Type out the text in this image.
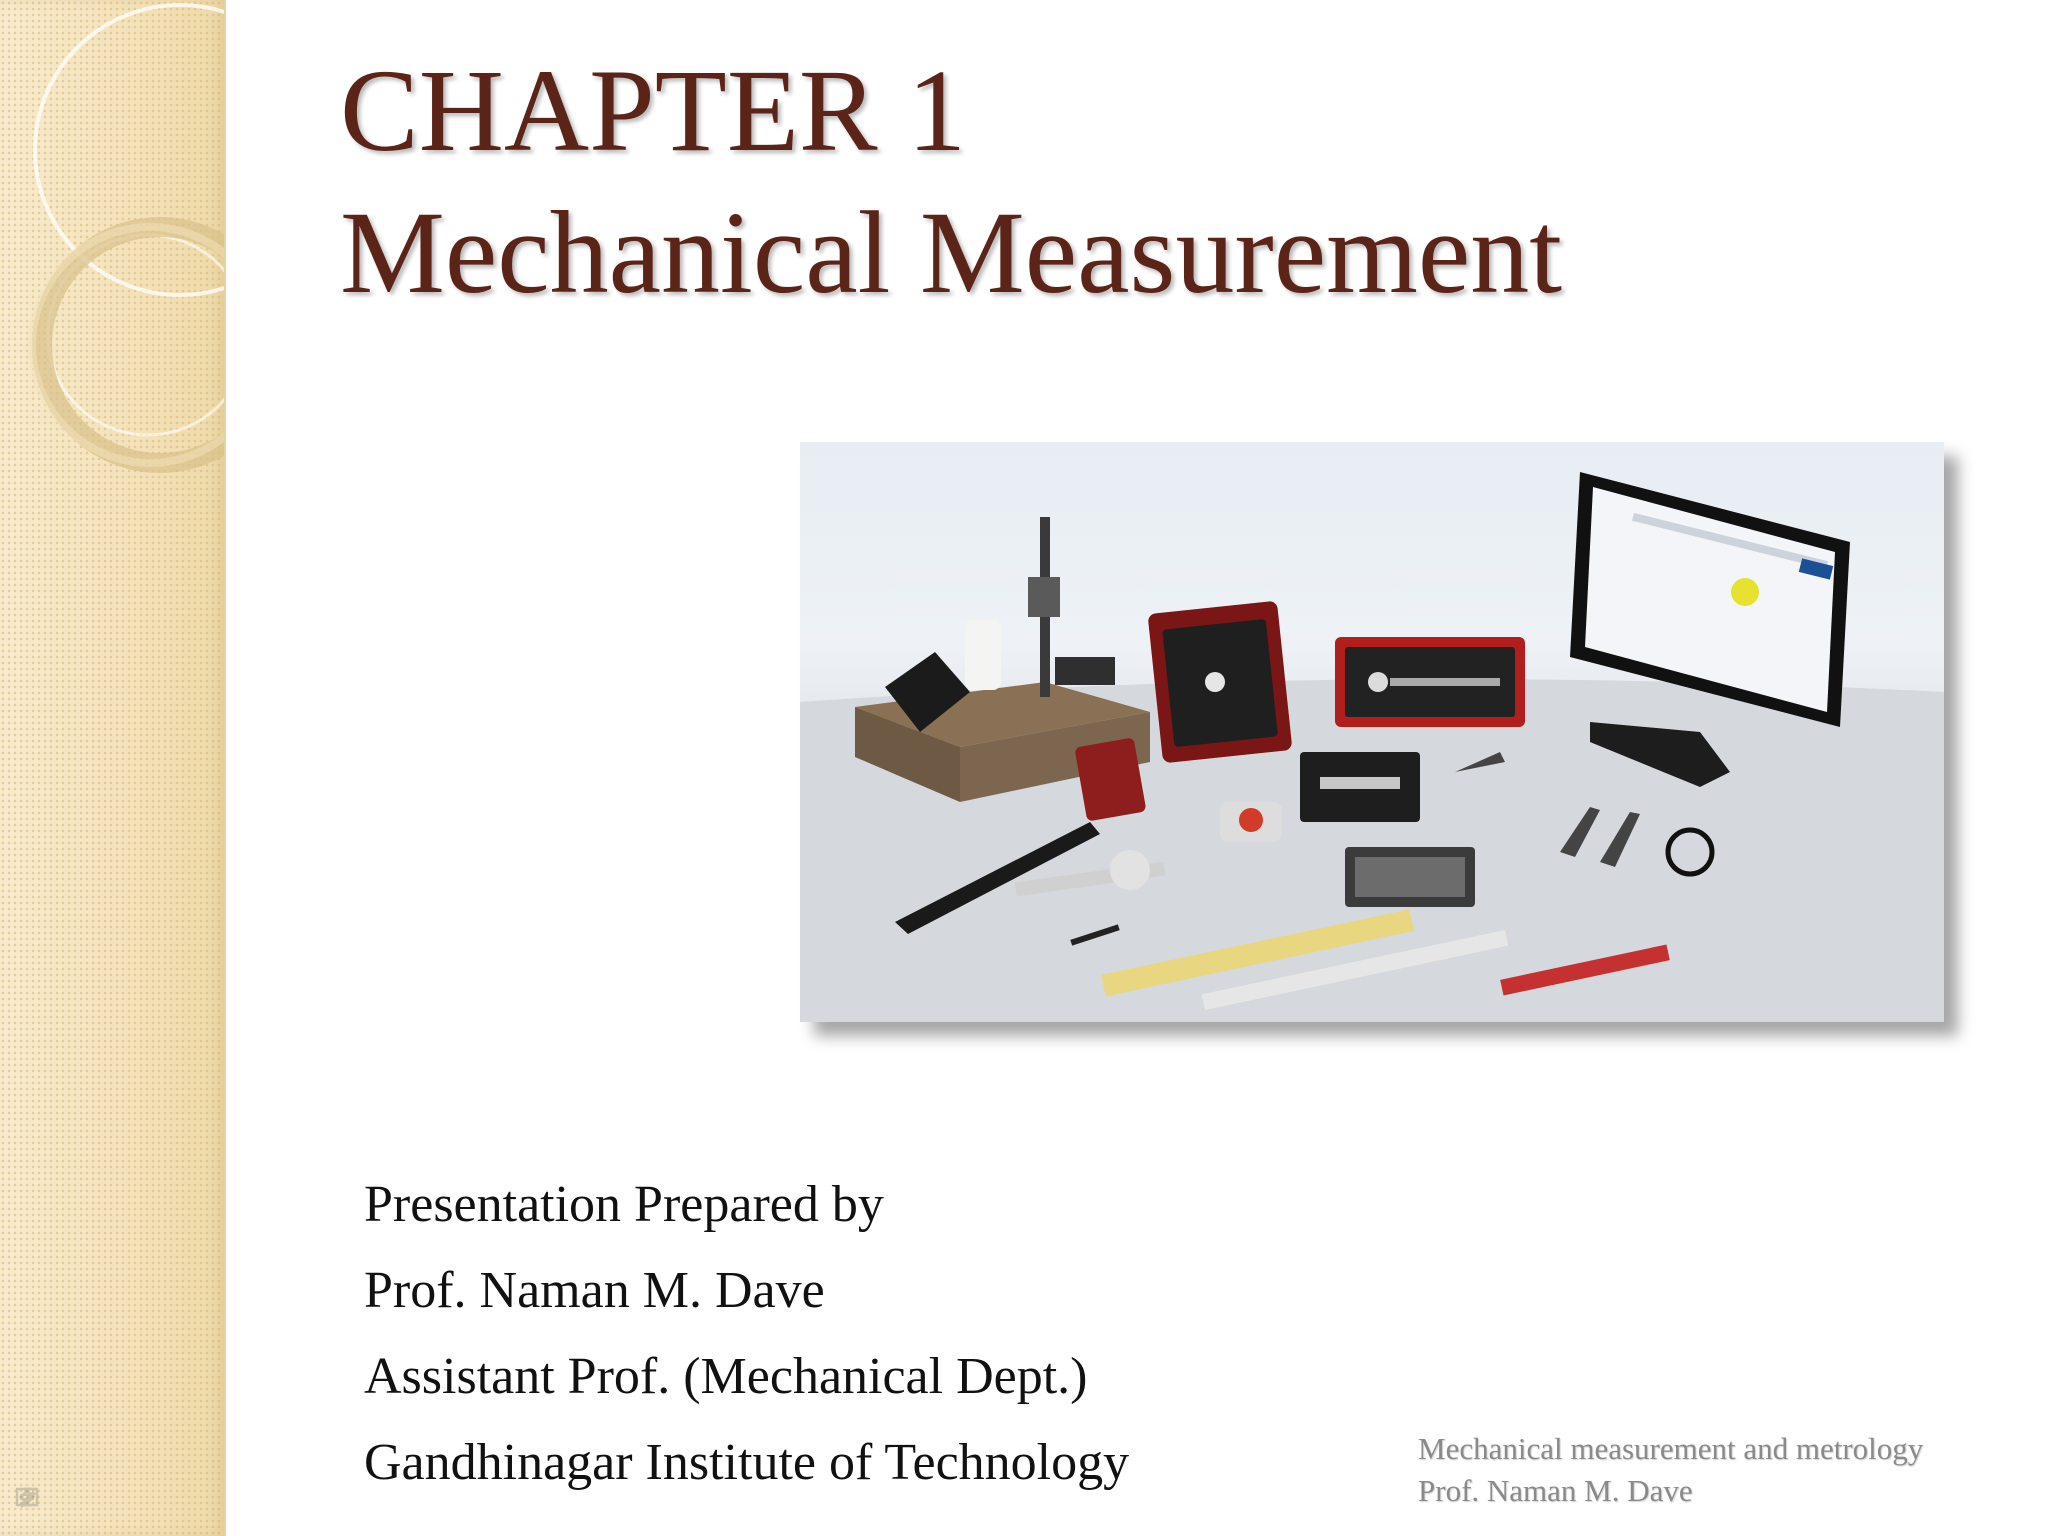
CHAPTER 1
Mechanical Measurement
Presentation Prepared by
Prof. Naman M. Dave
Assistant Prof. (Mechanical Dept.)
Gandhinagar Institute of Technology	Mechanical measurement and metrology
Prof. Naman M. Dave
